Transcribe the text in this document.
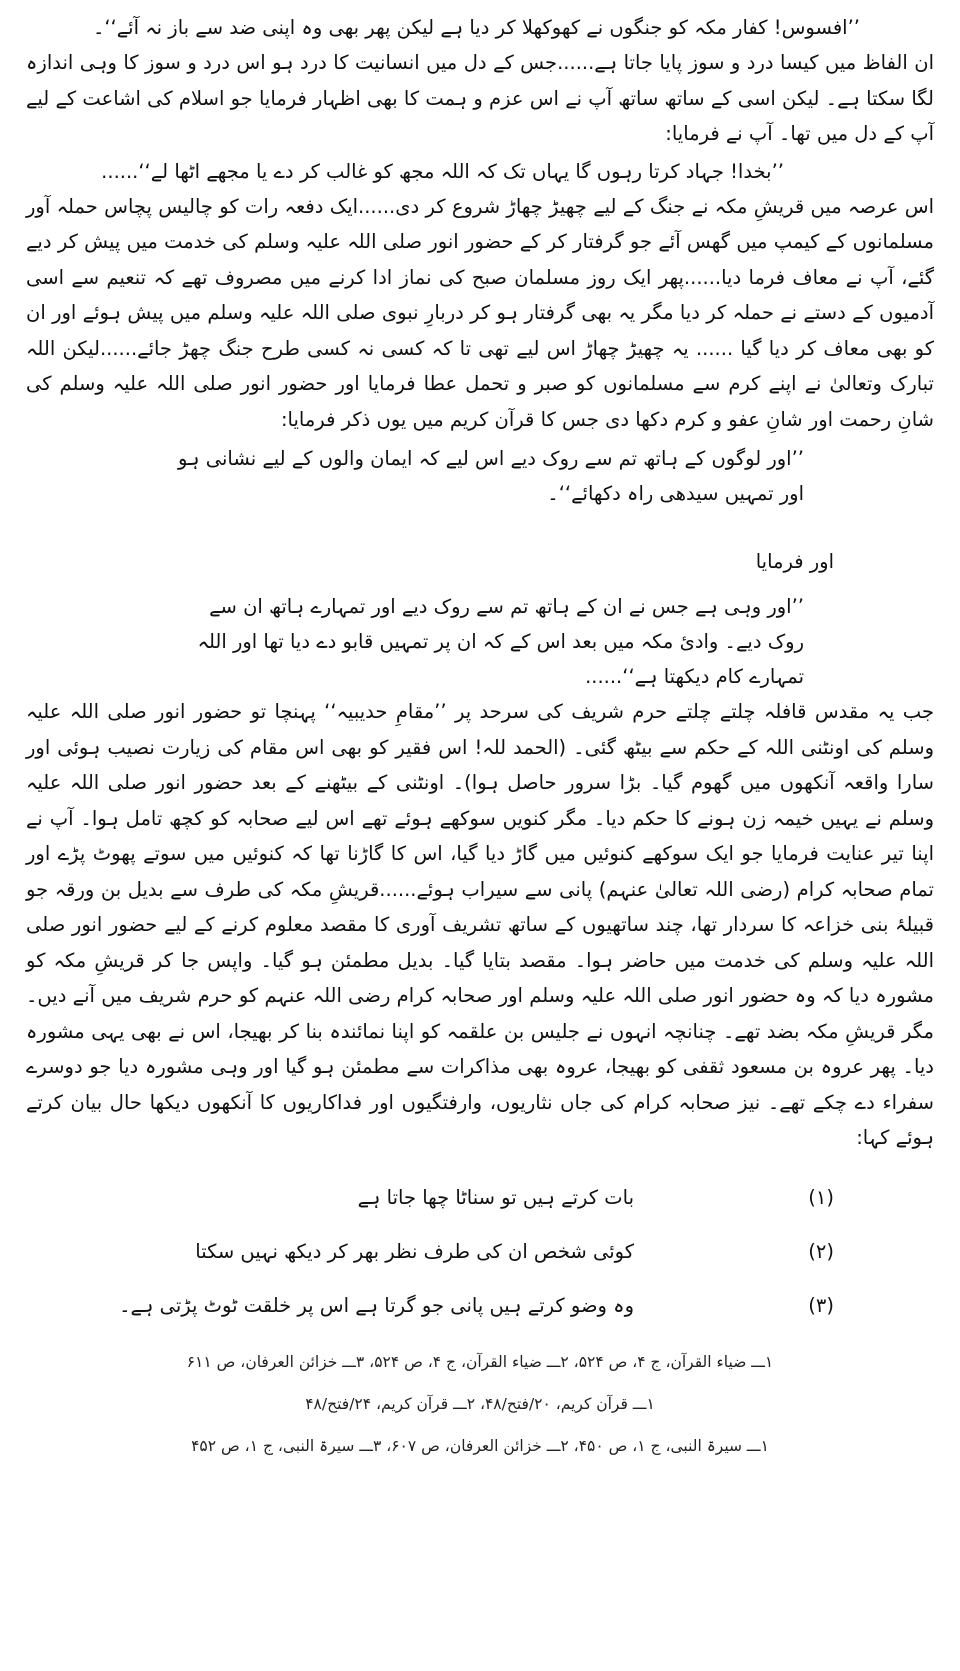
’’افسوس! کفار مکہ کو جنگوں نے کھوکھلا کر دیا ہے لیکن پھر بھی وہ اپنی ضد سے باز نہ آئے‘‘۔

ان الفاظ میں کیسا درد و سوز پایا جاتا ہے......جس کے دل میں انسانیت کا درد ہو اس درد و سوز کا وہی اندازہ لگا سکتا ہے۔ لیکن اسی کے ساتھ ساتھ آپ نے اس عزم و ہمت کا بھی اظہار فرمایا جو اسلام کی اشاعت کے لیے آپ کے دل میں تھا۔ آپ نے فرمایا:

’’بخدا! جہاد کرتا رہوں گا یہاں تک کہ اللہ مجھ کو غالب کر دے یا مجھے اٹھا لے‘‘......

اس عرصہ میں قریشِ مکہ نے جنگ کے لیے چھیڑ چھاڑ شروع کر دی......ایک دفعہ رات کو چالیس پچاس حملہ آور مسلمانوں کے کیمپ میں گھس آئے جو گرفتار کر کے حضور انور صلی اللہ علیہ وسلم کی خدمت میں پیش کر دیے گئے، آپ نے معاف فرما دیا......پھر ایک روز مسلمان صبح کی نماز ادا کرنے میں مصروف تھے کہ تنعیم سے اسی آدمیوں کے دستے نے حملہ کر دیا مگر یہ بھی گرفتار ہو کر دربارِ نبوی صلی اللہ علیہ وسلم میں پیش ہوئے اور ان کو بھی معاف کر دیا گیا ...... یہ چھیڑ چھاڑ اس لیے تھی تا کہ کسی نہ کسی طرح جنگ چھڑ جائے......لیکن اللہ تبارک وتعالیٰ نے اپنے کرم سے مسلمانوں کو صبر و تحمل عطا فرمایا اور حضور انور صلی اللہ علیہ وسلم کی شانِ رحمت اور شانِ عفو و کرم دکھا دی جس کا قرآن کریم میں یوں ذکر فرمایا:

’’اور لوگوں کے ہاتھ تم سے روک دیے اس لیے کہ ایمان والوں کے لیے نشانی ہو اور تمہیں سیدھی راہ دکھائے‘‘۔

اور فرمایا

’’اور وہی ہے جس نے ان کے ہاتھ تم سے روک دیے اور تمہارے ہاتھ ان سے روک دیے۔ وادیٔ مکہ میں بعد اس کے کہ ان پر تمہیں قابو دے دیا تھا اور اللہ تمہارے کام دیکھتا ہے‘‘......

جب یہ مقدس قافلہ چلتے چلتے حرم شریف کی سرحد پر ’’مقامِ حدیبیہ‘‘ پہنچا تو حضور انور صلی اللہ علیہ وسلم کی اونٹنی اللہ کے حکم سے بیٹھ گئی۔ (الحمد للہ! اس فقیر کو بھی اس مقام کی زیارت نصیب ہوئی اور سارا واقعہ آنکھوں میں گھوم گیا۔ بڑا سرور حاصل ہوا)۔ اونٹنی کے بیٹھنے کے بعد حضور انور صلی اللہ علیہ وسلم نے یہیں خیمہ زن ہونے کا حکم دیا۔ مگر کنویں سوکھے ہوئے تھے اس لیے صحابہ کو کچھ تامل ہوا۔ آپ نے اپنا تیر عنایت فرمایا جو ایک سوکھے کنوئیں میں گاڑ دیا گیا، اس کا گاڑنا تھا کہ کنوئیں میں سوتے پھوٹ پڑے اور تمام صحابہ کرام (رضی اللہ تعالیٰ عنہم) پانی سے سیراب ہوئے......قریشِ مکہ کی طرف سے بدیل بن ورقہ جو قبیلۂ بنی خزاعہ کا سردار تھا، چند ساتھیوں کے ساتھ تشریف آوری کا مقصد معلوم کرنے کے لیے حضور انور صلی اللہ علیہ وسلم کی خدمت میں حاضر ہوا۔ مقصد بتایا گیا۔ بدیل مطمئن ہو گیا۔ واپس جا کر قریشِ مکہ کو مشورہ دیا کہ وہ حضور انور صلی اللہ علیہ وسلم اور صحابہ کرام رضی اللہ عنہم کو حرم شریف میں آنے دیں۔ مگر قریشِ مکہ بضد تھے۔ چنانچہ انہوں نے جلیس بن علقمہ کو اپنا نمائندہ بنا کر بھیجا، اس نے بھی یہی مشورہ دیا۔ پھر عروہ بن مسعود ثقفی کو بھیجا، عروہ بھی مذاکرات سے مطمئن ہو گیا اور وہی مشورہ دیا جو دوسرے سفراء دے چکے تھے۔ نیز صحابہ کرام کی جاں نثاریوں، وارفتگیوں اور فداکاریوں کا آنکھوں دیکھا حال بیان کرتے ہوئے کہا:

(۱)
بات کرتے ہیں تو سناٹا چھا جاتا ہے
(۲)
کوئی شخص ان کی طرف نظر بھر کر دیکھ نہیں سکتا
(۳)
وہ وضو کرتے ہیں پانی جو گرتا ہے اس پر خلقت ٹوٹ پڑتی ہے۔

۱ـــ ضیاء القرآن، ج ۴، ص ۵۲۴، ۲ـــ ضیاء القرآن، ج ۴، ص ۵۲۴، ۳ـــ خزائن العرفان، ص ۶۱۱

۱ـــ قرآن کریم، ۲۰/فتح/۴۸، ۲ـــ قرآن کریم، ۲۴/فتح/۴۸

۱ـــ سیرۃ النبی، ج ۱، ص ۴۵۰، ۲ـــ خزائن العرفان، ص ۶۰۷، ۳ـــ سیرۃ النبی، ج ۱، ص ۴۵۲
